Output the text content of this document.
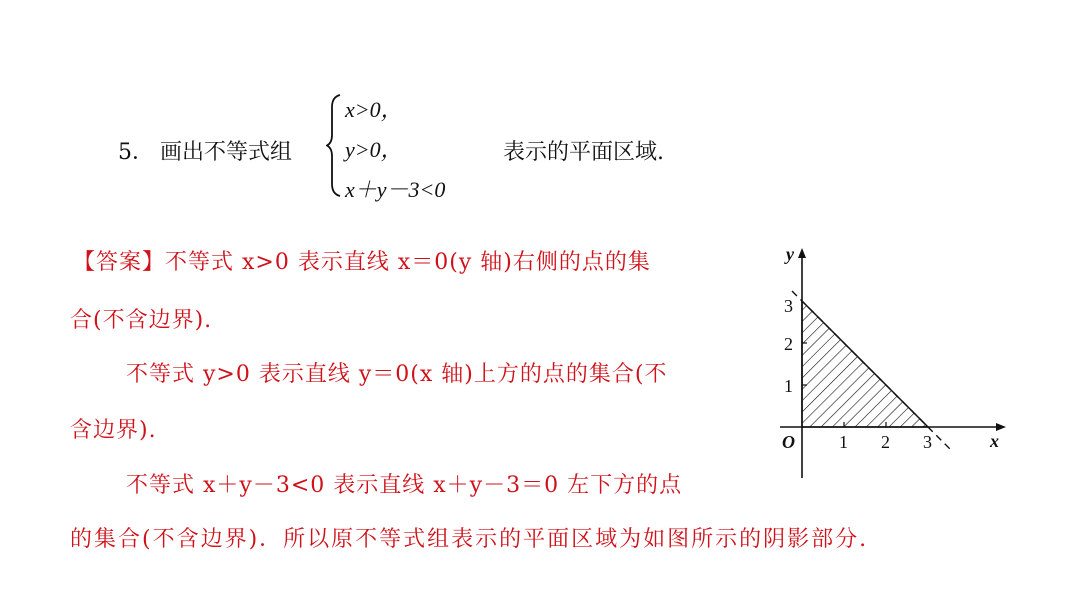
5． 画出不等式组
x>0，
y>0，
x＋y－3<0
表示的平面区域.
【答案】不等式 x>0 表示直线 x＝0(y 轴)右侧的点的集
合(不含边界).
不等式 y>0 表示直线 y＝0(x 轴)上方的点的集合(不
含边界).
不等式 x＋y－3<0 表示直线 x＋y－3＝0 左下方的点
的集合(不含边界)．所以原不等式组表示的平面区域为如图所示的阴影部分.
y
x
O 1 2 3
1
2
3
